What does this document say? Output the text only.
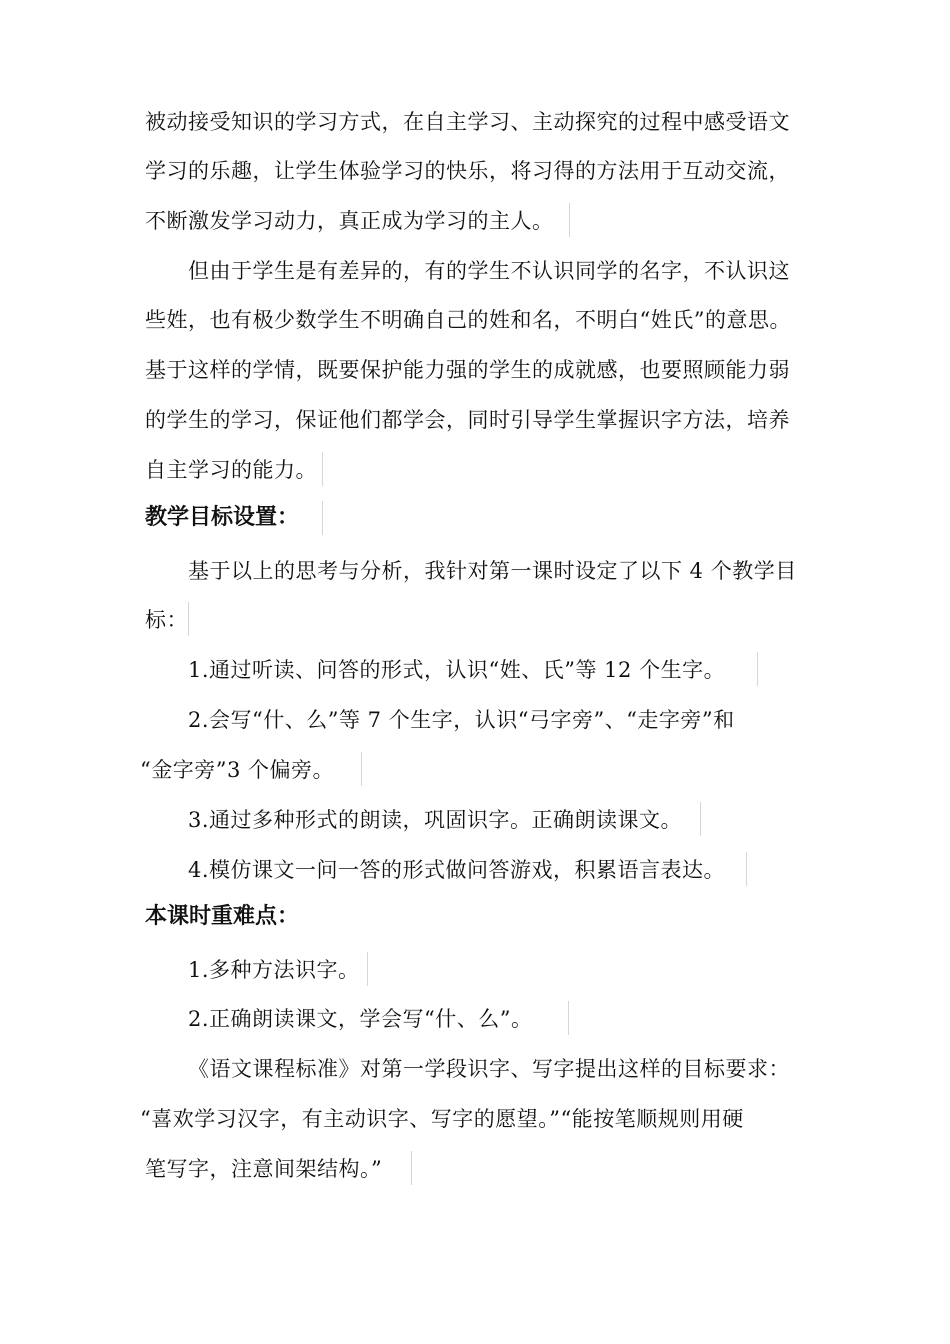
被动接受知识的学习方式，在自主学习、主动探究的过程中感受语文
学习的乐趣，让学生体验学习的快乐，将习得的方法用于互动交流，
不断激发学习动力，真正成为学习的主人。
但由于学生是有差异的，有的学生不认识同学的名字，不认识这
些姓，也有极少数学生不明确自己的姓和名，不明白“姓氏”的意思。
基于这样的学情，既要保护能力强的学生的成就感，也要照顾能力弱
的学生的学习，保证他们都学会，同时引导学生掌握识字方法，培养
自主学习的能力。
教学目标设置：
基于以上的思考与分析，我针对第一课时设定了以下 4 个教学目
标：
1.通过听读、问答的形式，认识“姓、氏”等 12 个生字。
2.会写“什、么”等 7 个生字，认识“弓字旁”、“走字旁”和
“金字旁”3 个偏旁。
3.通过多种形式的朗读，巩固识字。正确朗读课文。
4.模仿课文一问一答的形式做问答游戏，积累语言表达。
本课时重难点：
1.多种方法识字。
2.正确朗读课文，学会写“什、么”。
《语文课程标准》对第一学段识字、写字提出这样的目标要求：
“喜欢学习汉字，有主动识字、写字的愿望。”“能按笔顺规则用硬
笔写字，注意间架结构。”
